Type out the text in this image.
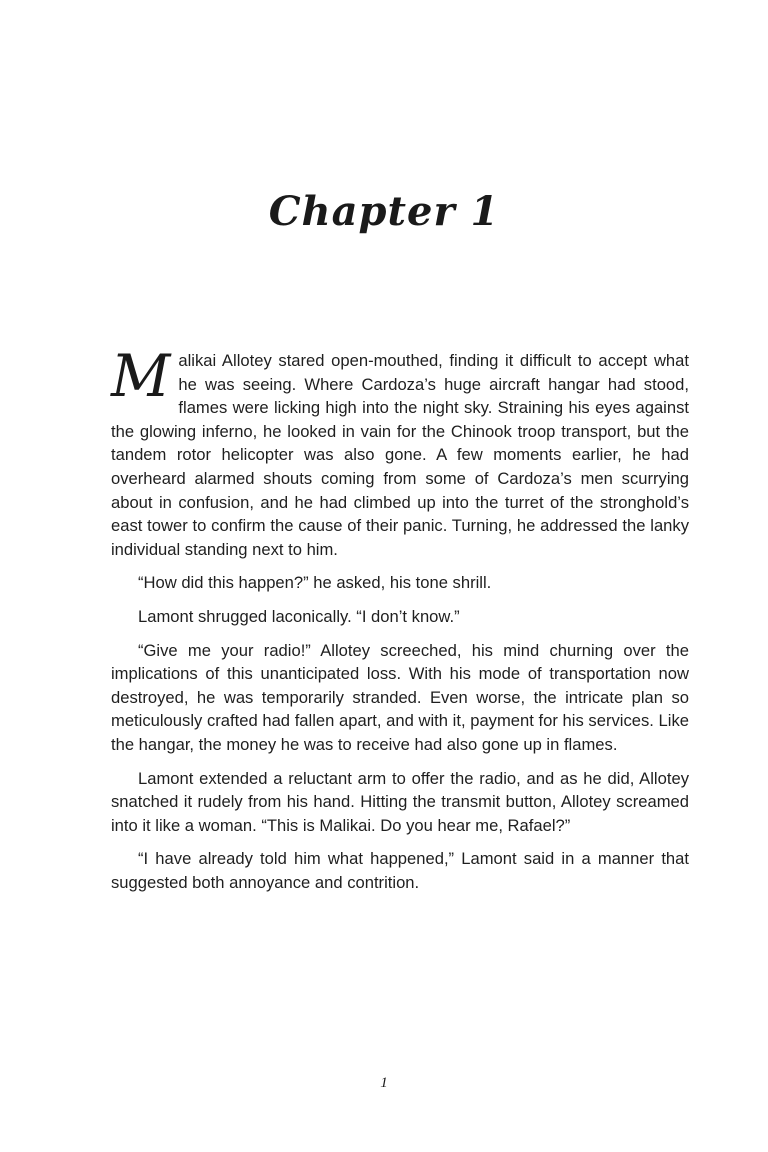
Chapter 1

Malikai Allotey stared open-mouthed, finding it difficult to accept what he was seeing. Where Cardoza’s huge aircraft hangar had stood, flames were licking high into the night sky. Straining his eyes against the glowing inferno, he looked in vain for the Chinook troop transport, but the tandem rotor helicopter was also gone. A few moments earlier, he had overheard alarmed shouts coming from some of Cardoza’s men scurrying about in confusion, and he had climbed up into the turret of the stronghold’s east tower to confirm the cause of their panic. Turning, he addressed the lanky individual standing next to him.

“How did this happen?” he asked, his tone shrill.

Lamont shrugged laconically. “I don’t know.”

“Give me your radio!” Allotey screeched, his mind churning over the implications of this unanticipated loss. With his mode of transportation now destroyed, he was temporarily stranded. Even worse, the intricate plan so meticulously crafted had fallen apart, and with it, payment for his services. Like the hangar, the money he was to receive had also gone up in flames.

Lamont extended a reluctant arm to offer the radio, and as he did, Allotey snatched it rudely from his hand. Hitting the transmit button, Allotey screamed into it like a woman. “This is Malikai. Do you hear me, Rafael?”

“I have already told him what happened,” Lamont said in a manner that suggested both annoyance and contrition.

1
